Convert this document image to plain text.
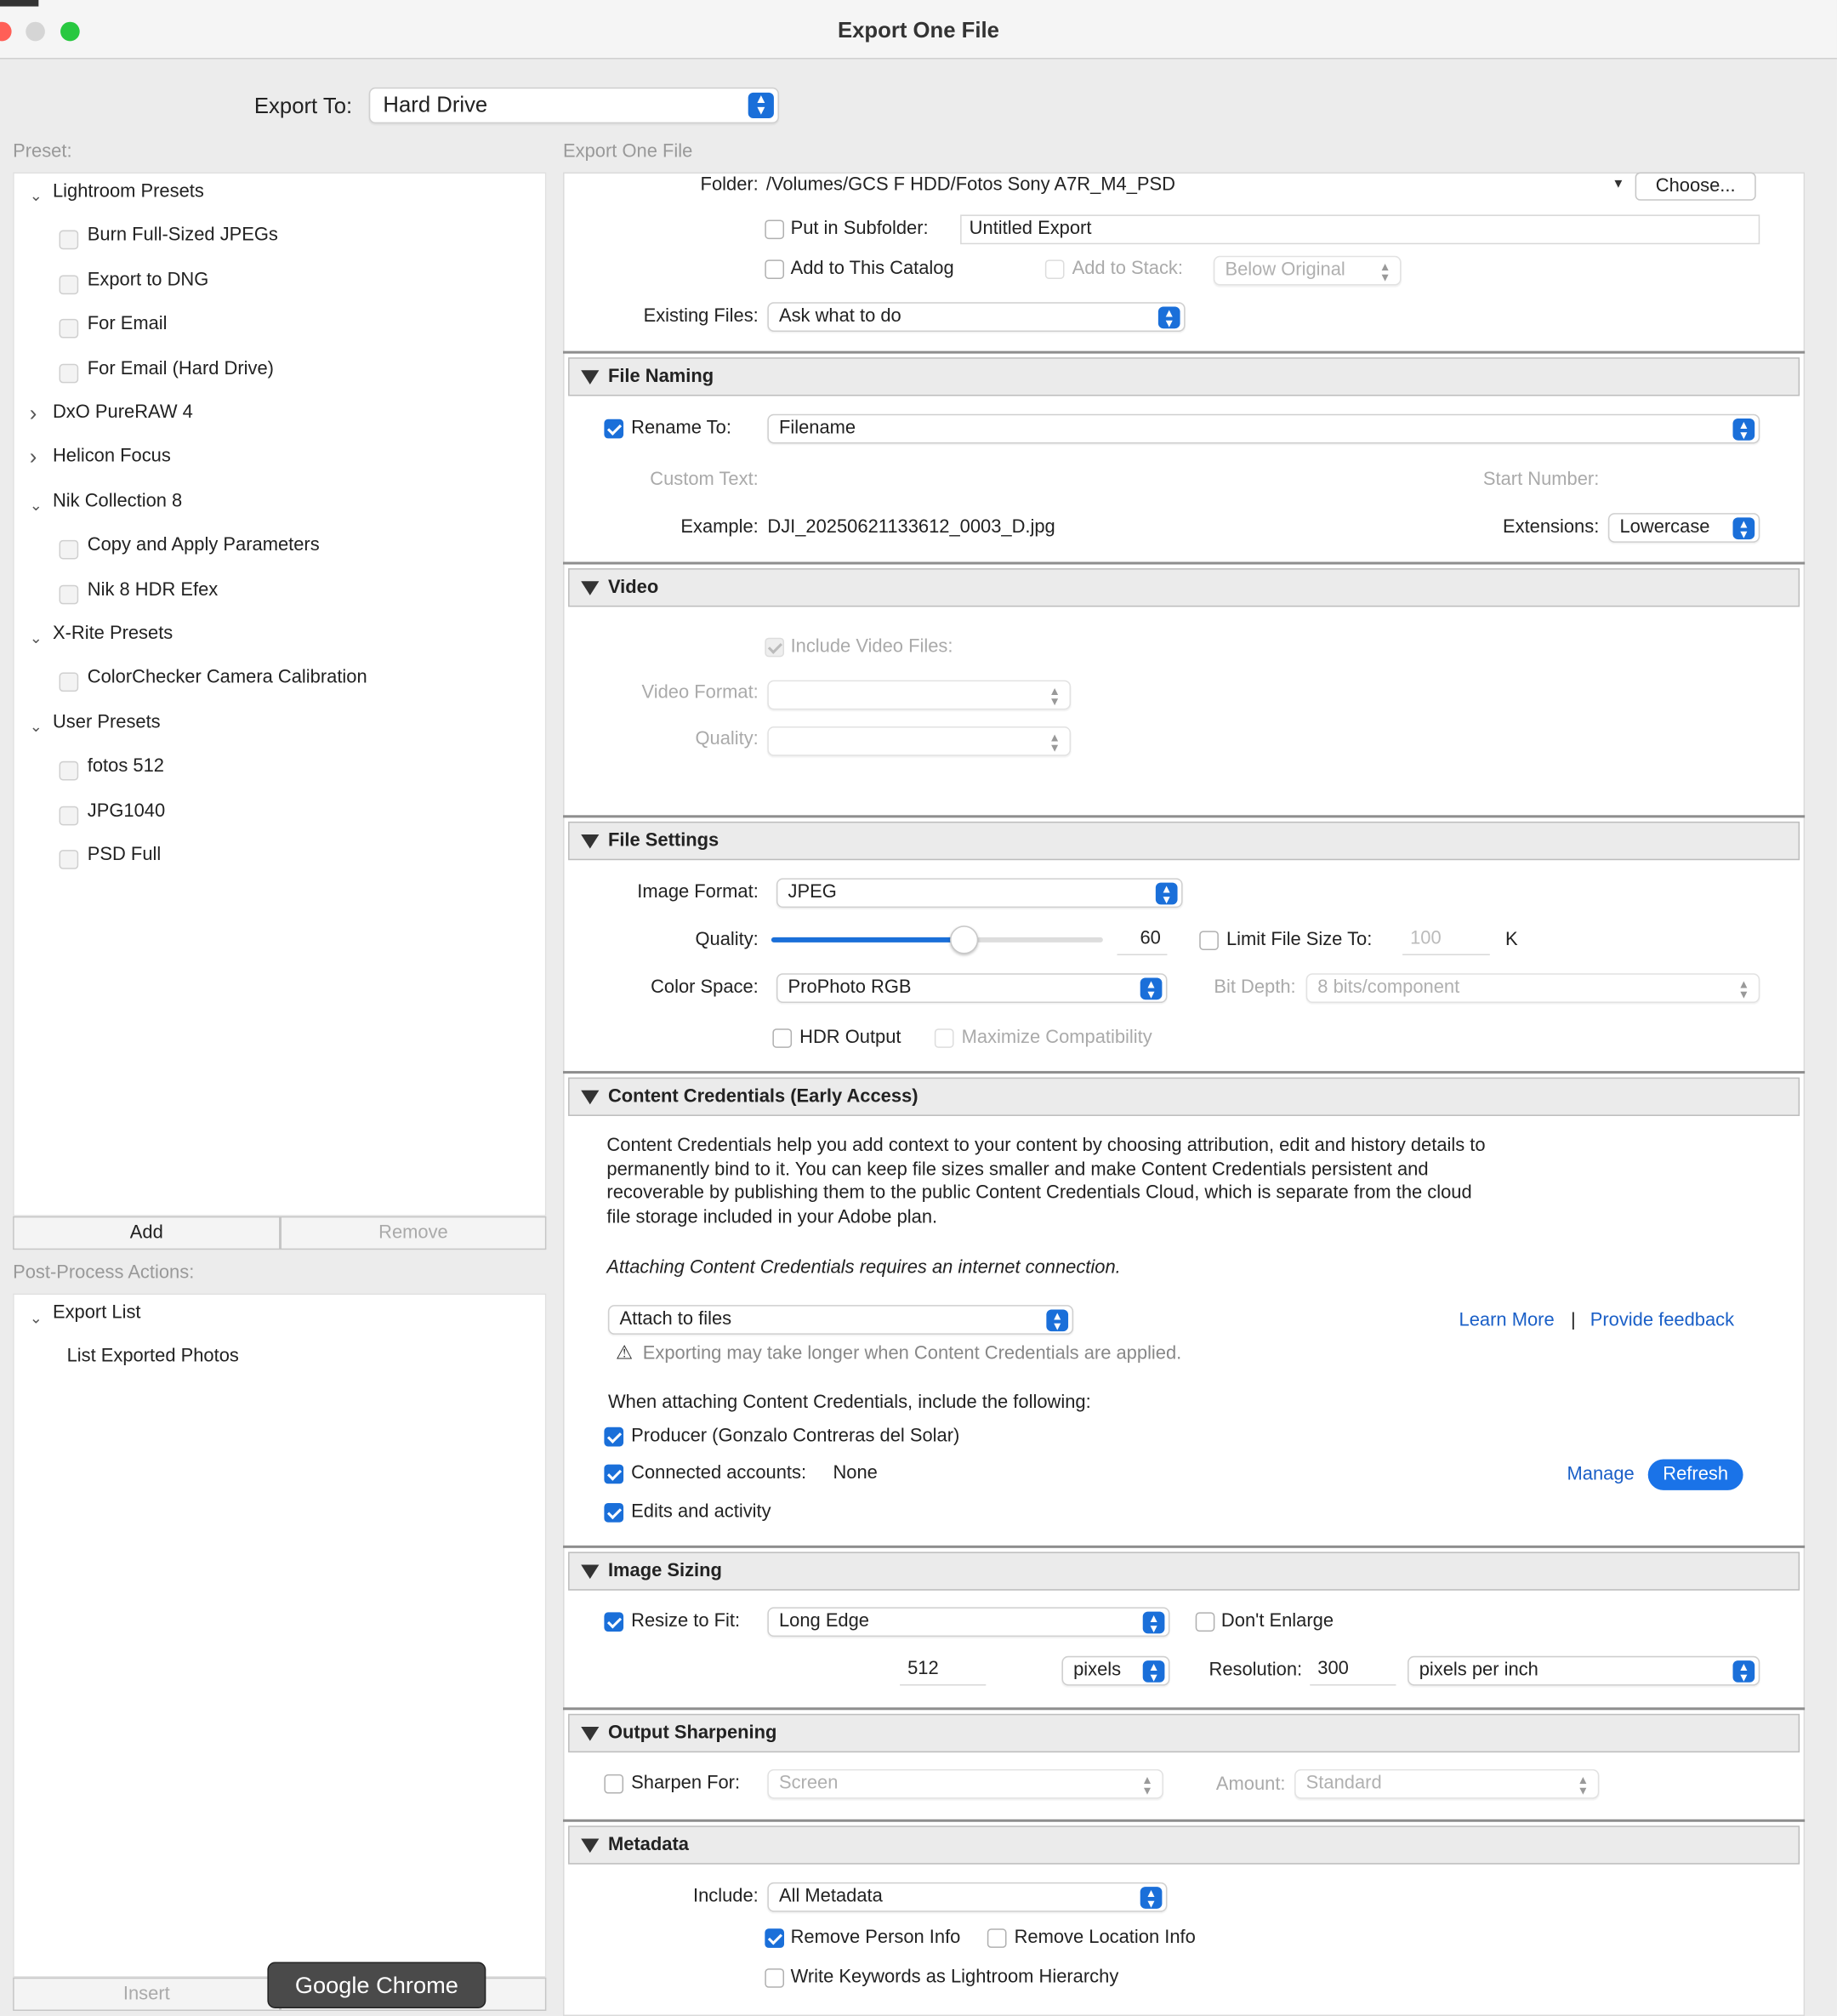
Export One File
Export To:	Hard Drive	▲
▼
Preset:
⌄ Lightroom Presets
Burn Full-Sized JPEGs
Export to DNG
For Email
For Email (Hard Drive)
› DxO PureRAW 4
› Helicon Focus
⌄ Nik Collection 8
Copy and Apply Parameters
Nik 8 HDR Efex
⌄ X-Rite Presets
ColorChecker Camera Calibration
⌄ User Presets
fotos 512
JPG1040
PSD Full
Add	Remove
Post-Process Actions:
⌄ Export List
List Exported Photos
Insert	Google Chrome
Export One File
Folder: /Volumes/GCS F HDD/Fotos Sony A7R_M4_PSD	▼	Choose...
Put in Subfolder:	Untitled Export
Add to This Catalog	Add to Stack:	Below Original	▲
▼
Existing Files:	Ask what to do	▲
▼
File Naming
Rename To:	Filename	▲
▼
Custom Text:	Start Number:
Example: DJI_20250621133612_0003_D.jpg	Extensions:	Lowercase	▲
▼
Video
Include Video Files:
Video Format:	▲
▼
Quality:	▲
▼
File Settings
Image Format:	JPEG	▲
▼
Quality:	60	Limit File Size To:	100	K
Color Space:	ProPhoto RGB	▲
▼	Bit Depth:	8 bits/component	▲
▼
HDR Output	Maximize Compatibility
Content Credentials (Early Access)
Content Credentials help you add context to your content by choosing attribution, edit and history details to permanently bind to it. You can keep file sizes smaller and make Content Credentials persistent and recoverable by publishing them to the public Content Credentials Cloud, which is separate from the cloud file storage included in your Adobe plan.
Attaching Content Credentials requires an internet connection.
Attach to files	▲
▼	Learn More | Provide feedback
⚠ Exporting may take longer when Content Credentials are applied.
When attaching Content Credentials, include the following:
Producer (Gonzalo Contreras del Solar)
Connected accounts: None	Manage	Refresh
Edits and activity
Image Sizing
Resize to Fit:	Long Edge	▲
▼	Don't Enlarge
512	pixels	▲
▼	Resolution:	300	pixels per inch	▲
▼
Output Sharpening
Sharpen For:	Screen	▲
▼	Amount:	Standard	▲
▼
Metadata
Include:	All Metadata	▲
▼
Remove Person Info	Remove Location Info
Write Keywords as Lightroom Hierarchy
